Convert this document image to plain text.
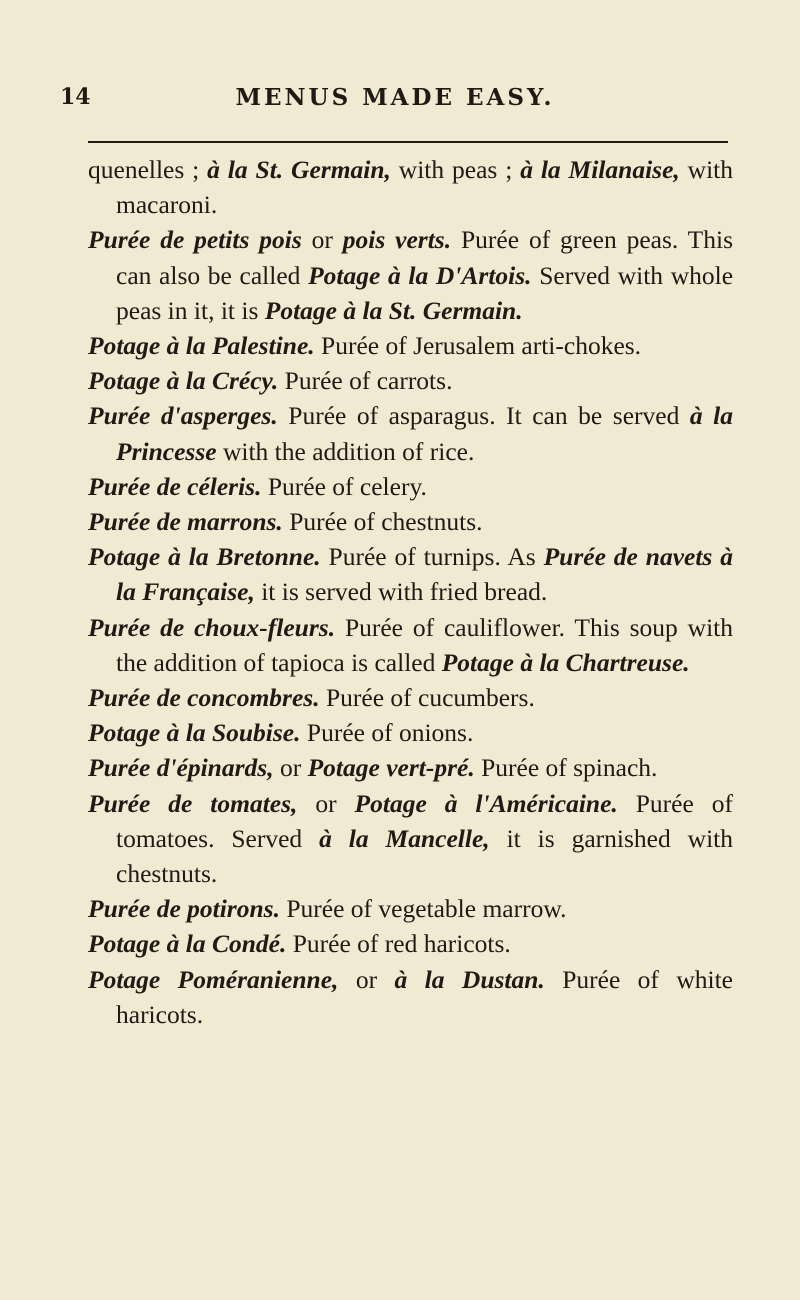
14	MENUS MADE EASY.

quenelles ; à la St. Germain, with peas ; à la Milanaise, with macaroni.

Purée de petits pois or pois verts. Purée of green peas. This can also be called Potage à la D'Artois. Served with whole peas in it, it is Potage à la St. Germain.

Potage à la Palestine. Purée of Jerusalem arti-chokes.

Potage à la Crécy. Purée of carrots.

Purée d'asperges. Purée of asparagus. It can be served à la Princesse with the addition of rice.

Purée de céleris. Purée of celery.

Purée de marrons. Purée of chestnuts.

Potage à la Bretonne. Purée of turnips. As Purée de navets à la Française, it is served with fried bread.

Purée de choux-fleurs. Purée of cauliflower. This soup with the addition of tapioca is called Potage à la Chartreuse.

Purée de concombres. Purée of cucumbers.

Potage à la Soubise. Purée of onions.

Purée d'épinards, or Potage vert-pré. Purée of spinach.

Purée de tomates, or Potage à l'Américaine. Purée of tomatoes. Served à la Mancelle, it is garnished with chestnuts.

Purée de potirons. Purée of vegetable marrow.

Potage à la Condé. Purée of red haricots.

Potage Poméranienne, or à la Dustan. Purée of white haricots.
